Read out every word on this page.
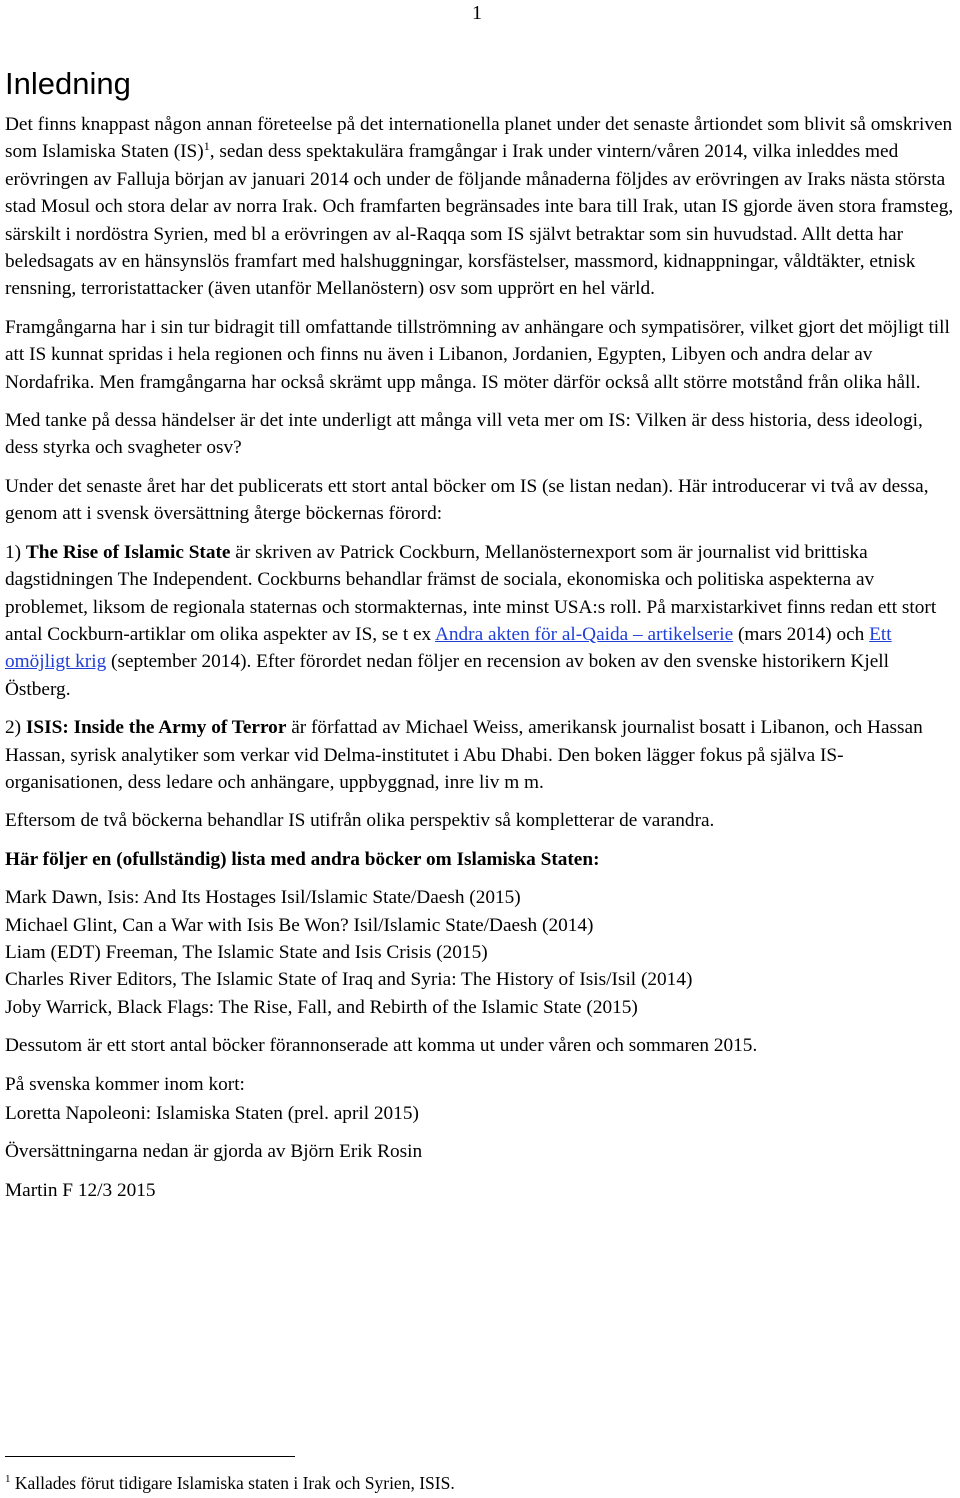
1
Inledning

Det finns knappast någon annan företeelse på det internationella planet under det senaste årtiondet som blivit så omskriven som Islamiska Staten (IS)$^1$, sedan dess spektakulära framgångar i Irak under vintern/våren 2014, vilka inleddes med erövringen av Falluja början av januari 2014 och under de följande månaderna följdes av erövringen av Iraks nästa största stad Mosul och stora delar av norra Irak. Och framfarten begränsades inte bara till Irak, utan IS gjorde även stora framsteg, särskilt i nordöstra Syrien, med bl a erövringen av al-Raqqa som IS självt betraktar som sin huvudstad. Allt detta har beledsagats av en hänsynslös framfart med halshuggningar, korsfästelser, massmord, kidnappningar, våldtäkter, etnisk rensning, terroristattacker (även utanför Mellanöstern) osv som upprört en hel värld.

Framgångarna har i sin tur bidragit till omfattande tillströmning av anhängare och sympatisörer, vilket gjort det möjligt till att IS kunnat spridas i hela regionen och finns nu även i Libanon, Jordanien, Egypten, Libyen och andra delar av Nordafrika. Men framgångarna har också skrämt upp många. IS möter därför också allt större motstånd från olika håll.

Med tanke på dessa händelser är det inte underligt att många vill veta mer om IS: Vilken är dess historia, dess ideologi, dess styrka och svagheter osv?

Under det senaste året har det publicerats ett stort antal böcker om IS (se listan nedan). Här introducerar vi två av dessa, genom att i svensk översättning återge böckernas förord:

1) The Rise of Islamic State är skriven av Patrick Cockburn, Mellanösternexport som är journalist vid brittiska dagstidningen The Independent. Cockburns behandlar främst de sociala, ekonomiska och politiska aspekterna av problemet, liksom de regionala staternas och stormakternas, inte minst USA:s roll. På marxistarkivet finns redan ett stort antal Cockburn-artiklar om olika aspekter av IS, se t ex Andra akten för al-Qaida – artikelserie (mars 2014) och Ett omöjligt krig (september 2014). Efter förordet nedan följer en recension av boken av den svenske historikern Kjell Östberg.

2) ISIS: Inside the Army of Terror är författad av Michael Weiss, amerikansk journalist bosatt i Libanon, och Hassan Hassan, syrisk analytiker som verkar vid Delma-institutet i Abu Dhabi. Den boken lägger fokus på själva IS-organisationen, dess ledare och anhängare, uppbyggnad, inre liv m m.

Eftersom de två böckerna behandlar IS utifrån olika perspektiv så kompletterar de varandra.

Här följer en (ofullständig) lista med andra böcker om Islamiska Staten:

Mark Dawn, Isis: And Its Hostages Isil/Islamic State/Daesh (2015)
Michael Glint, Can a War with Isis Be Won? Isil/Islamic State/Daesh (2014)
Liam (EDT) Freeman, The Islamic State and Isis Crisis (2015)
Charles River Editors, The Islamic State of Iraq and Syria: The History of Isis/Isil (2014)
Joby Warrick, Black Flags: The Rise, Fall, and Rebirth of the Islamic State (2015)

Dessutom är ett stort antal böcker förannonserade att komma ut under våren och sommaren 2015.

På svenska kommer inom kort:

Loretta Napoleoni: Islamiska Staten (prel. april 2015)

Översättningarna nedan är gjorda av Björn Erik Rosin

Martin F 12/3 2015

$^1$ Kallades förut tidigare Islamiska staten i Irak och Syrien, ISIS.
